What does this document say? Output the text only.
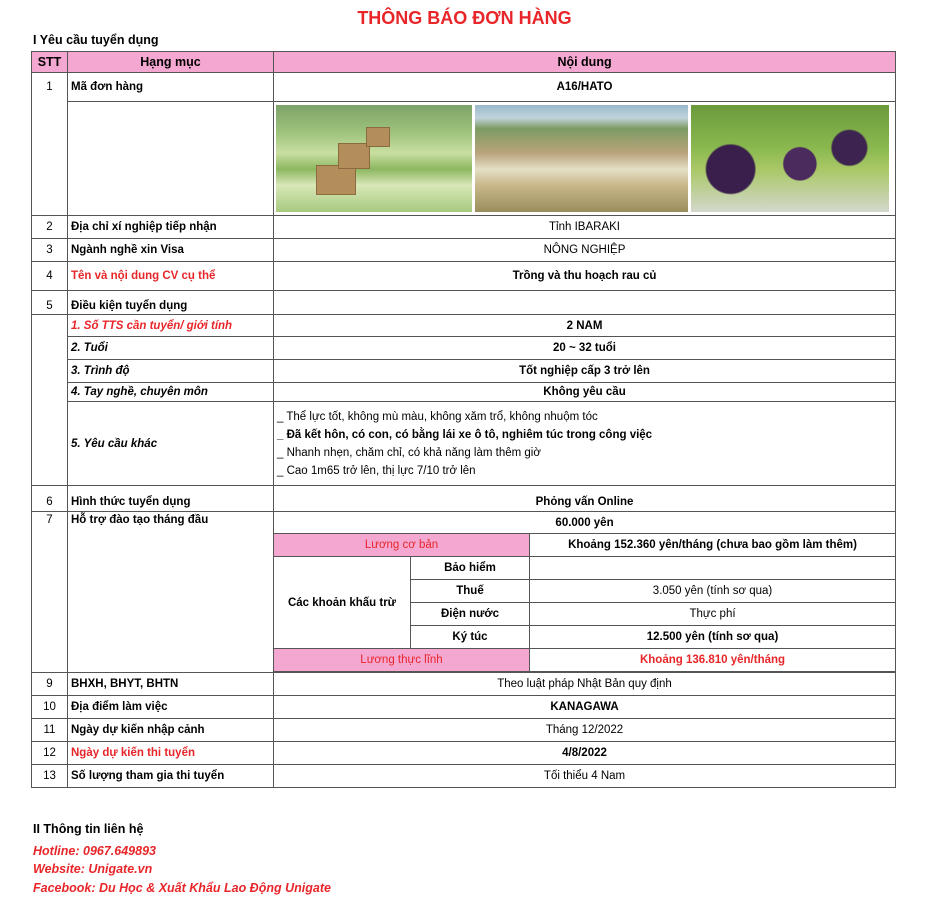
THÔNG BÁO ĐƠN HÀNG
I Yêu cầu tuyển dụng
STT	Hạng mục	Nội dung		
1	Mã đơn hàng	A16/HATO		

2	Địa chỉ xí nghiệp tiếp nhận	Tỉnh IBARAKI		
3	Ngành nghề xin Visa	NÔNG NGHIỆP		
4	Tên và nội dung CV cụ thể	Trồng và thu hoạch rau củ		
5	Điều kiện tuyển dụng			
	1. Số TTS cần tuyển/ giới tính	2 NAM		
	2. Tuổi	20 ~ 32 tuổi		
	3. Trình độ	Tốt nghiệp cấp 3 trở lên		
	4. Tay nghề, chuyên môn	Không yêu cầu		
	5. Yêu cầu khác	_ Thể lực tốt, không mù màu, không xăm trổ, không nhuộm tóc
_ Đã kết hôn, có con, có bằng lái xe ô tô, nghiêm túc trong công việc
_ Nhanh nhẹn, chăm chỉ, có khả năng làm thêm giờ
_ Cao 1m65 trở lên, thị lực 7/10 trở lên		

6	Hình thức tuyển dụng	Phỏng vấn Online		
7	Hỗ trợ đào tạo tháng đầu	60.000 yên		
		Lương cơ bản		Khoảng 152.360 yên/tháng (chưa bao gồm làm thêm)
		Các khoản khấu trừ	Bảo hiểm	
			Thuế	3.050 yên (tính sơ qua)
			Điện nước	Thực phí
			Ký túc	12.500 yên (tính sơ qua)
		Lương thực lĩnh		Khoảng 136.810 yên/tháng

9	BHXH, BHYT, BHTN	Theo luật pháp Nhật Bản quy định		
10	Địa điểm làm việc	KANAGAWA		
11	Ngày dự kiến nhập cảnh	Tháng 12/2022		
12	Ngày dự kiến thi tuyển	4/8/2022		
13	Số lượng tham gia thi tuyển	Tối thiểu 4 Nam		
II Thông tin liên hệ
Hotline: 0967.649893
Website: Unigate.vn
Facebook: Du Học & Xuất Khẩu Lao Động Unigate
